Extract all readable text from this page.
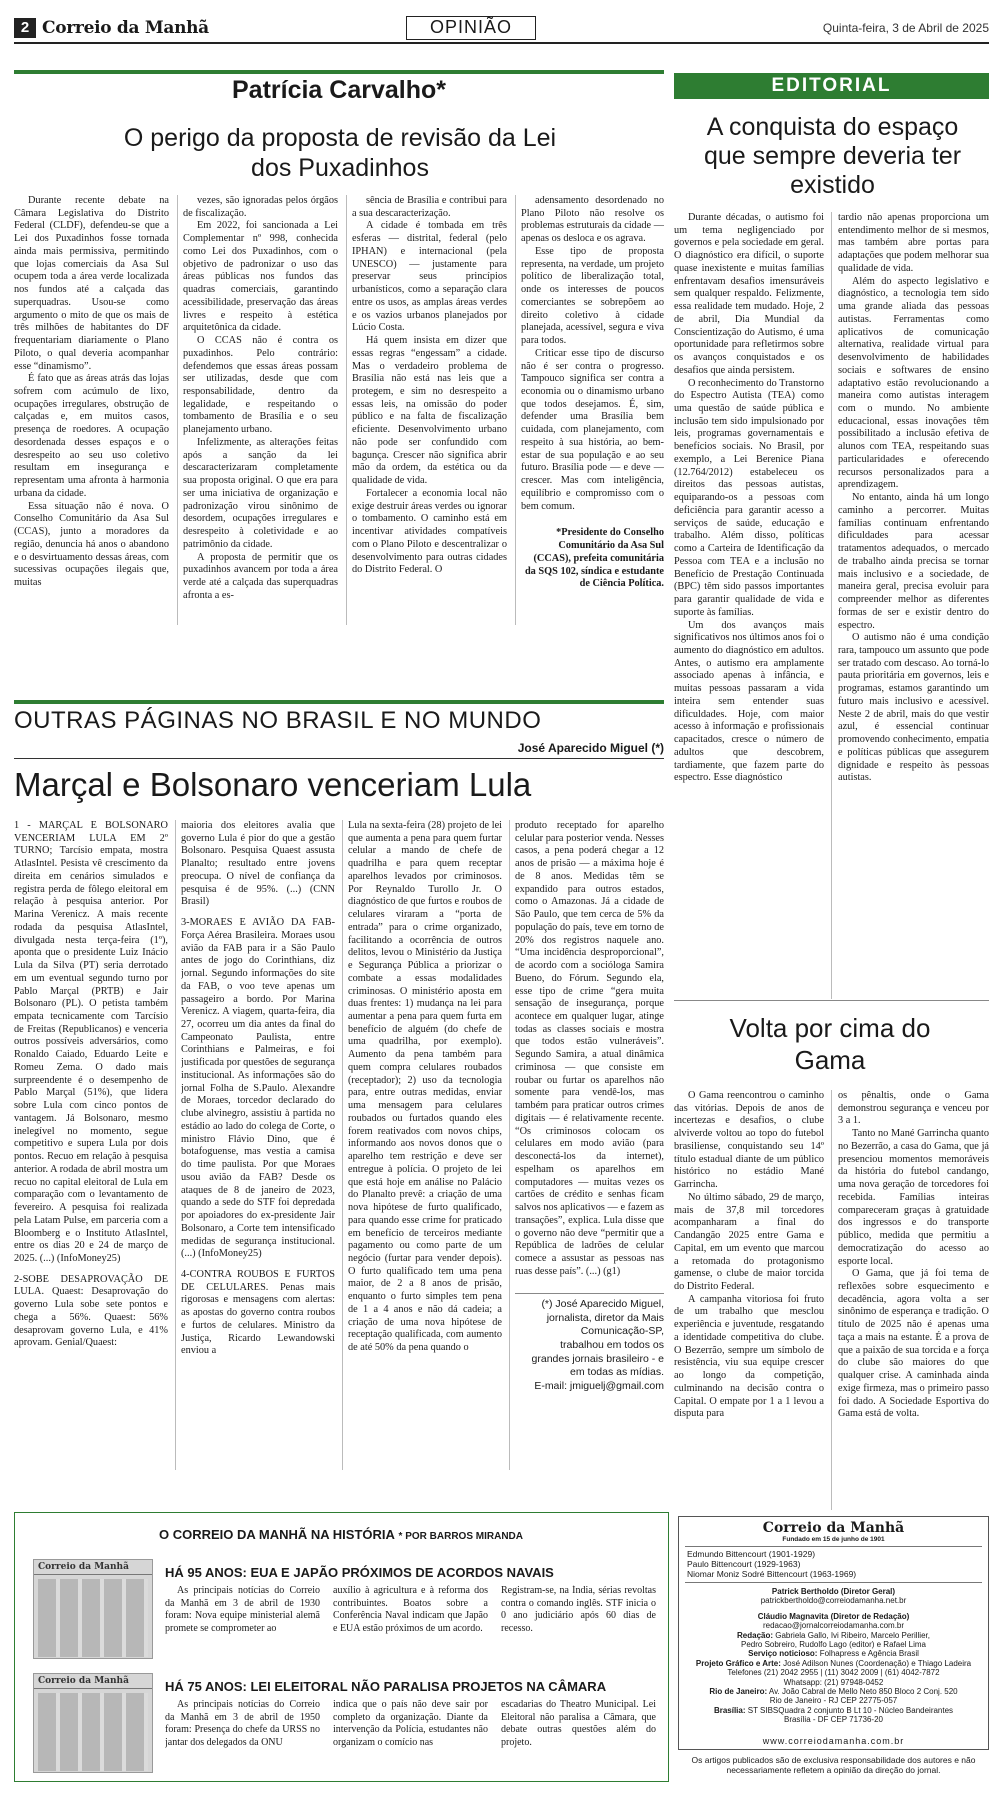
2 Correio da Manhã	OPINIÃO	Quinta-feira, 3 de Abril de 2025
Patrícia Carvalho*
O perigo da proposta de revisão da Lei dos Puxadinhos

Durante recente debate na Câmara Legislativa do Distrito Federal (CLDF), defendeu-se que a Lei dos Puxadinhos fosse tornada ainda mais permissiva, permitindo que lojas comerciais da Asa Sul ocupem toda a área verde localizada nos fundos até a calçada das superquadras. Usou-se como argumento o mito de que os mais de três milhões de habitantes do DF frequentariam diariamente o Plano Piloto, o qual deveria acompanhar esse “dinamismo”.

É fato que as áreas atrás das lojas sofrem com acúmulo de lixo, ocupações irregulares, obstrução de calçadas e, em muitos casos, presença de roedores. A ocupação desordenada desses espaços e o desrespeito ao seu uso coletivo resultam em insegurança e representam uma afronta à harmonia urbana da cidade.

Essa situação não é nova. O Conselho Comunitário da Asa Sul (CCAS), junto a moradores da região, denuncia há anos o abandono e o desvirtuamento dessas áreas, com sucessivas ocupações ilegais que, muitas

vezes, são ignoradas pelos órgãos de fiscalização.

Em 2022, foi sancionada a Lei Complementar nº 998, conhecida como Lei dos Puxadinhos, com o objetivo de padronizar o uso das áreas públicas nos fundos das quadras comerciais, garantindo acessibilidade, preservação das áreas livres e respeito à estética arquitetônica da cidade.

O CCAS não é contra os puxadinhos. Pelo contrário: defendemos que essas áreas possam ser utilizadas, desde que com responsabilidade, dentro da legalidade, e respeitando o tombamento de Brasília e o seu planejamento urbano.

Infelizmente, as alterações feitas após a sanção da lei descaracterizaram completamente sua proposta original. O que era para ser uma iniciativa de organização e padronização virou sinônimo de desordem, ocupações irregulares e desrespeito à coletividade e ao patrimônio da cidade.

A proposta de permitir que os puxadinhos avancem por toda a área verde até a calçada das superquadras afronta a es-

sência de Brasília e contribui para a sua descaracterização.

A cidade é tombada em três esferas — distrital, federal (pelo IPHAN) e internacional (pela UNESCO) — justamente para preservar seus princípios urbanísticos, como a separação clara entre os usos, as amplas áreas verdes e os vazios urbanos planejados por Lúcio Costa.

Há quem insista em dizer que essas regras “engessam” a cidade. Mas o verdadeiro problema de Brasília não está nas leis que a protegem, e sim no desrespeito a essas leis, na omissão do poder público e na falta de fiscalização eficiente. Desenvolvimento urbano não pode ser confundido com bagunça. Crescer não significa abrir mão da ordem, da estética ou da qualidade de vida.

Fortalecer a economia local não exige destruir áreas verdes ou ignorar o tombamento. O caminho está em incentivar atividades compatíveis com o Plano Piloto e descentralizar o desenvolvimento para outras cidades do Distrito Federal. O

adensamento desordenado no Plano Piloto não resolve os problemas estruturais da cidade — apenas os desloca e os agrava.

Esse tipo de proposta representa, na verdade, um projeto político de liberalização total, onde os interesses de poucos comerciantes se sobrepõem ao direito coletivo à cidade planejada, acessível, segura e viva para todos.

Criticar esse tipo de discurso não é ser contra o progresso. Tampouco significa ser contra a economia ou o dinamismo urbano que todos desejamos. É, sim, defender uma Brasília bem cuidada, com planejamento, com respeito à sua história, ao bem-estar de sua população e ao seu futuro. Brasília pode — e deve — crescer. Mas com inteligência, equilíbrio e compromisso com o bem comum.

*Presidente do Conselho Comunitário da Asa Sul (CCAS), prefeita comunitária da SQS 102, síndica e estudante de Ciência Política.

EDITORIAL
A conquista do espaço que sempre deveria ter existido

Durante décadas, o autismo foi um tema negligenciado por governos e pela sociedade em geral. O diagnóstico era difícil, o suporte quase inexistente e muitas famílias enfrentavam desafios imensuráveis sem qualquer respaldo. Felizmente, essa realidade tem mudado. Hoje, 2 de abril, Dia Mundial da Conscientização do Autismo, é uma oportunidade para refletirmos sobre os avanços conquistados e os desafios que ainda persistem.

O reconhecimento do Transtorno do Espectro Autista (TEA) como uma questão de saúde pública e inclusão tem sido impulsionado por leis, programas governamentais e benefícios sociais. No Brasil, por exemplo, a Lei Berenice Piana (12.764/2012) estabeleceu os direitos das pessoas autistas, equiparando-os a pessoas com deficiência para garantir acesso a serviços de saúde, educação e trabalho. Além disso, políticas como a Carteira de Identificação da Pessoa com TEA e a inclusão no Benefício de Prestação Continuada (BPC) têm sido passos importantes para garantir qualidade de vida e suporte às famílias.

Um dos avanços mais significativos nos últimos anos foi o aumento do diagnóstico em adultos. Antes, o autismo era amplamente associado apenas à infância, e muitas pessoas passaram a vida inteira sem entender suas dificuldades. Hoje, com maior acesso à informação e profissionais capacitados, cresce o número de adultos que descobrem, tardiamente, que fazem parte do espectro. Esse diagnóstico

tardio não apenas proporciona um entendimento melhor de si mesmos, mas também abre portas para adaptações que podem melhorar sua qualidade de vida.

Além do aspecto legislativo e diagnóstico, a tecnologia tem sido uma grande aliada das pessoas autistas. Ferramentas como aplicativos de comunicação alternativa, realidade virtual para desenvolvimento de habilidades sociais e softwares de ensino adaptativo estão revolucionando a maneira como autistas interagem com o mundo. No ambiente educacional, essas inovações têm possibilitado a inclusão efetiva de alunos com TEA, respeitando suas particularidades e oferecendo recursos personalizados para a aprendizagem.

No entanto, ainda há um longo caminho a percorrer. Muitas famílias continuam enfrentando dificuldades para acessar tratamentos adequados, o mercado de trabalho ainda precisa se tornar mais inclusivo e a sociedade, de maneira geral, precisa evoluir para compreender melhor as diferentes formas de ser e existir dentro do espectro.

O autismo não é uma condição rara, tampouco um assunto que pode ser tratado com descaso. Ao torná-lo pauta prioritária em governos, leis e programas, estamos garantindo um futuro mais inclusivo e acessível. Neste 2 de abril, mais do que vestir azul, é essencial continuar promovendo conhecimento, empatia e políticas públicas que assegurem dignidade e respeito às pessoas autistas.

Volta por cima do Gama

O Gama reencontrou o caminho das vitórias. Depois de anos de incertezas e desafios, o clube alviverde voltou ao topo do futebol brasiliense, conquistando seu 14º título estadual diante de um público histórico no estádio Mané Garrincha.

No último sábado, 29 de março, mais de 37,8 mil torcedores acompanharam a final do Candangão 2025 entre Gama e Capital, em um evento que marcou a retomada do protagonismo gamense, o clube de maior torcida do Distrito Federal.

A campanha vitoriosa foi fruto de um trabalho que mesclou experiência e juventude, resgatando a identidade competitiva do clube. O Bezerrão, sempre um símbolo de resistência, viu sua equipe crescer ao longo da competição, culminando na decisão contra o Capital. O empate por 1 a 1 levou a disputa para

os pênaltis, onde o Gama demonstrou segurança e venceu por 3 a 1.

Tanto no Mané Garrincha quanto no Bezerrão, a casa do Gama, que já presenciou momentos memoráveis da história do futebol candango, uma nova geração de torcedores foi recebida. Famílias inteiras compareceram graças à gratuidade dos ingressos e do transporte público, medida que permitiu a democratização do acesso ao esporte local.

O Gama, que já foi tema de reflexões sobre esquecimento e decadência, agora volta a ser sinônimo de esperança e tradição. O título de 2025 não é apenas uma taça a mais na estante. É a prova de que a paixão de sua torcida e a força do clube são maiores do que qualquer crise. A caminhada ainda exige firmeza, mas o primeiro passo foi dado. A Sociedade Esportiva do Gama está de volta.

OUTRAS PÁGINAS NO BRASIL E NO MUNDO
José Aparecido Miguel (*)
Marçal e Bolsonaro venceriam Lula

1 - MARÇAL E BOLSONARO VENCERIAM LULA EM 2º TURNO; Tarcísio empata, mostra AtlasIntel. Pesista vê crescimento da direita em cenários simulados e registra perda de fôlego eleitoral em relação à pesquisa anterior. Por Marina Verenicz. A mais recente rodada da pesquisa AtlasIntel, divulgada nesta terça-feira (1º), aponta que o presidente Luiz Inácio Lula da Silva (PT) seria derrotado em um eventual segundo turno por Pablo Marçal (PRTB) e Jair Bolsonaro (PL). O petista também empata tecnicamente com Tarcísio de Freitas (Republicanos) e venceria outros possíveis adversários, como Ronaldo Caiado, Eduardo Leite e Romeu Zema. O dado mais surpreendente é o desempenho de Pablo Marçal (51%), que lidera sobre Lula com cinco pontos de vantagem. Já Bolsonaro, mesmo inelegível no momento, segue competitivo e supera Lula por dois pontos. Recuo em relação à pesquisa anterior. A rodada de abril mostra um recuo no capital eleitoral de Lula em comparação com o levantamento de fevereiro. A pesquisa foi realizada pela Latam Pulse, em parceria com a Bloomberg e o Instituto AtlasIntel, entre os dias 20 e 24 de março de 2025. (...) (InfoMoney25)

2-SOBE DESAPROVAÇÃO DE LULA. Quaest: Desaprovação do governo Lula sobe sete pontos e chega a 56%. Quaest: 56% desaprovam governo Lula, e 41% aprovam. Genial/Quaest:

maioria dos eleitores avalia que governo Lula é pior do que a gestão Bolsonaro. Pesquisa Quaest assusta Planalto; resultado entre jovens preocupa. O nível de confiança da pesquisa é de 95%. (...) (CNN Brasil)

3-MORAES E AVIÃO DA FAB-Força Aérea Brasileira. Moraes usou avião da FAB para ir a São Paulo antes de jogo do Corinthians, diz jornal. Segundo informações do site da FAB, o voo teve apenas um passageiro a bordo. Por Marina Verenicz. A viagem, quarta-feira, dia 27, ocorreu um dia antes da final do Campeonato Paulista, entre Corinthians e Palmeiras, e foi justificada por questões de segurança institucional. As informações são do jornal Folha de S.Paulo. Alexandre de Moraes, torcedor declarado do clube alvinegro, assistiu à partida no estádio ao lado do colega de Corte, o ministro Flávio Dino, que é botafoguense, mas vestia a camisa do time paulista. Por que Moraes usou avião da FAB? Desde os ataques de 8 de janeiro de 2023, quando a sede do STF foi depredada por apoiadores do ex-presidente Jair Bolsonaro, a Corte tem intensificado medidas de segurança institucional. (...) (InfoMoney25)

4-CONTRA ROUBOS E FURTOS DE CELULARES. Penas mais rigorosas e mensagens com alertas: as apostas do governo contra roubos e furtos de celulares. Ministro da Justiça, Ricardo Lewandowski enviou a

Lula na sexta-feira (28) projeto de lei que aumenta a pena para quem furtar celular a mando de chefe de quadrilha e para quem receptar aparelhos levados por criminosos. Por Reynaldo Turollo Jr. O diagnóstico de que furtos e roubos de celulares viraram a “porta de entrada” para o crime organizado, facilitando a ocorrência de outros delitos, levou o Ministério da Justiça e Segurança Pública a priorizar o combate a essas modalidades criminosas. O ministério aposta em duas frentes: 1) mudança na lei para aumentar a pena para quem furta em benefício de alguém (do chefe de uma quadrilha, por exemplo). Aumento da pena também para quem compra celulares roubados (receptador); 2) uso da tecnologia para, entre outras medidas, enviar uma mensagem para celulares roubados ou furtados quando eles forem reativados com novos chips, informando aos novos donos que o aparelho tem restrição e deve ser entregue à polícia. O projeto de lei que está hoje em análise no Palácio do Planalto prevê: a criação de uma nova hipótese de furto qualificado, para quando esse crime for praticado em benefício de terceiros mediante pagamento ou como parte de um negócio (furtar para vender depois). O furto qualificado tem uma pena maior, de 2 a 8 anos de prisão, enquanto o furto simples tem pena de 1 a 4 anos e não dá cadeia; a criação de uma nova hipótese de receptação qualificada, com aumento de até 50% da pena quando o

produto receptado for aparelho celular para posterior venda. Nesses casos, a pena poderá chegar a 12 anos de prisão — a máxima hoje é de 8 anos. Medidas têm se expandido para outros estados, como o Amazonas. Já a cidade de São Paulo, que tem cerca de 5% da população do país, teve em torno de 20% dos registros naquele ano. “Uma incidência desproporcional”, de acordo com a socióloga Samira Bueno, do Fórum. Segundo ela, esse tipo de crime “gera muita sensação de insegurança, porque acontece em qualquer lugar, atinge todas as classes sociais e mostra que todos estão vulneráveis”. Segundo Samira, a atual dinâmica criminosa — que consiste em roubar ou furtar os aparelhos não somente para vendê-los, mas também para praticar outros crimes digitais — é relativamente recente. “Os criminosos colocam os celulares em modo avião (para desconectá-los da internet), espelham os aparelhos em computadores — muitas vezes os cartões de crédito e senhas ficam salvos nos aplicativos — e fazem as transações”, explica. Lula disse que o governo não deve “permitir que a República de ladrões de celular comece a assustar as pessoas nas ruas desse país”. (...) (g1)

(*) José Aparecido Miguel,
jornalista, diretor da Mais
Comunicação-SP,
trabalhou em todos os
grandes jornais brasileiro - e
em todas as mídias.
E-mail: jmiguelj@gmail.com
O CORREIO DA MANHÃ NA HISTÓRIA * POR BARROS MIRANDA
Correio da Manhã
Correio da Manhã
HÁ 95 ANOS: EUA E JAPÃO PRÓXIMOS DE ACORDOS NAVAIS

As principais notícias do Correio da Manhã em 3 de abril de 1930 foram: Nova equipe ministerial alemã promete se comprometer ao

auxílio à agricultura e à reforma dos contribuintes. Boatos sobre a Conferência Naval indicam que Japão e EUA estão próximos de um acordo.

Registram-se, na Índia, sérias revoltas contra o comando inglês. STF inicia o 0 ano judiciário após 60 dias de recesso.

HÁ 75 ANOS: LEI ELEITORAL NÃO PARALISA PROJETOS NA CÂMARA

As principais notícias do Correio da Manhã em 3 de abril de 1950 foram: Presença do chefe da URSS no jantar dos delegados da ONU

indica que o país não deve sair por completo da organização. Diante da intervenção da Polícia, estudantes não organizam o comício nas

escadarias do Theatro Municipal. Lei Eleitoral não paralisa a Câmara, que debate outras questões além do projeto.

Correio da Manhã
Fundado em 15 de junho de 1901
Edmundo Bittencourt (1901-1929)
Paulo Bittencourt (1929-1963)
Niomar Moniz Sodré Bittencourt (1963-1969)
Patrick Bertholdo (Diretor Geral)
patrickbertholdo@correiodamanha.net.br
Cláudio Magnavita (Diretor de Redação)
redacao@jornalcorreiodamanha.com.br
Redação: Gabriela Gallo, Ivi Ribeiro, Marcelo Perillier,
Pedro Sobreiro, Rudolfo Lago (editor) e Rafael Lima
Serviço noticioso: Folhapress e Agência Brasil
Projeto Gráfico e Arte: José Adilson Nunes (Coordenação) e Thiago Ladeira
Telefones (21) 2042 2955 | (11) 3042 2009 | (61) 4042-7872
Whatsapp: (21) 97948-0452
Rio de Janeiro: Av. João Cabral de Mello Neto 850 Bloco 2 Conj. 520
Rio de Janeiro - RJ CEP 22775-057
Brasília: ST SIBSQuadra 2 conjunto B Lt 10 - Núcleo Bandeirantes
Brasília - DF CEP 71736-20
www.correiodamanha.com.br
Os artigos publicados são de exclusiva responsabilidade dos autores e não necessariamente refletem a opinião da direção do jornal.
